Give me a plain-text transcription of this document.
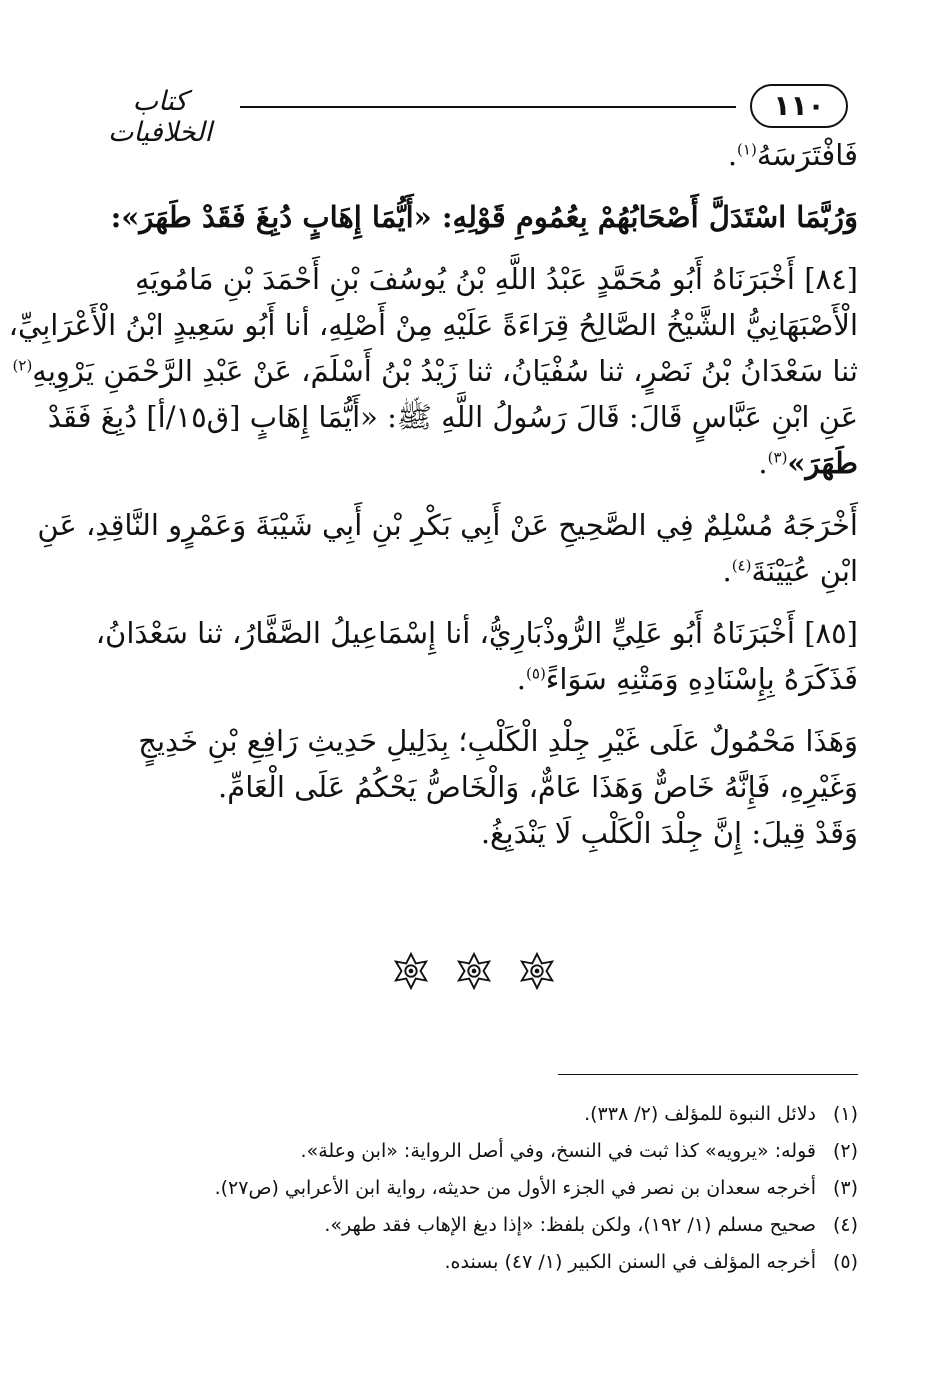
١١٠
كتاب الخلافيات
فَافْتَرَسَهُ$^{(١)}$.
وَرُبَّمَا اسْتَدَلَّ أَصْحَابُهُمْ بِعُمُومِ قَوْلِهِ: «أَيُّمَا إِهَابٍ دُبِغَ فَقَدْ طَهَرَ»:
[٨٤] أَخْبَرَنَاهُ أَبُو مُحَمَّدٍ عَبْدُ اللَّهِ بْنُ يُوسُفَ بْنِ أَحْمَدَ بْنِ مَامُويَهِ
الْأَصْبَهَانِيُّ الشَّيْخُ الصَّالِحُ قِرَاءَةً عَلَيْهِ مِنْ أَصْلِهِ، أنا أَبُو سَعِيدٍ ابْنُ الْأَعْرَابِيِّ،
ثنا سَعْدَانُ بْنُ نَصْرٍ، ثنا سُفْيَانُ، ثنا زَيْدُ بْنُ أَسْلَمَ، عَنْ عَبْدِ الرَّحْمَنِ يَرْوِيهِ$^{(٢)}$
عَنِ ابْنِ عَبَّاسٍ قَالَ: قَالَ رَسُولُ اللَّهِ ﷺ: «أَيُّمَا إِهَابٍ [ق١٥/أ] دُبِغَ فَقَدْ
طَهَرَ»$^{(٣)}$.
أَخْرَجَهُ مُسْلِمٌ فِي الصَّحِيحِ عَنْ أَبِي بَكْرِ بْنِ أَبِي شَيْبَةَ وَعَمْرٍو النَّاقِدِ، عَنِ
ابْنِ عُيَيْنَةَ$^{(٤)}$.
[٨٥] أَخْبَرَنَاهُ أَبُو عَلِيٍّ الرُّوذْبَارِيُّ، أنا إِسْمَاعِيلُ الصَّفَّارُ، ثنا سَعْدَانُ،
فَذَكَرَهُ بِإِسْنَادِهِ وَمَتْنِهِ سَوَاءً$^{(٥)}$.
وَهَذَا مَحْمُولٌ عَلَى غَيْرِ جِلْدِ الْكَلْبِ؛ بِدَلِيلِ حَدِيثِ رَافِعِ بْنِ خَدِيجٍ
وَغَيْرِهِ، فَإِنَّهُ خَاصٌّ وَهَذَا عَامٌّ، وَالْخَاصُّ يَحْكُمُ عَلَى الْعَامِّ.
وَقَدْ قِيلَ: إِنَّ جِلْدَ الْكَلْبِ لَا يَنْدَبِغُ.

(١)دلائل النبوة للمؤلف (٢/ ٣٣٨).
(٢)قوله: «يرويه» كذا ثبت في النسخ، وفي أصل الرواية: «ابن وعلة».
(٣)أخرجه سعدان بن نصر في الجزء الأول من حديثه، رواية ابن الأعرابي (ص٢٧).
(٤)صحيح مسلم (١/ ١٩٢)، ولكن بلفظ: «إذا دبغ الإهاب فقد طهر».
(٥)أخرجه المؤلف في السنن الكبير (١/ ٤٧) بسنده.
